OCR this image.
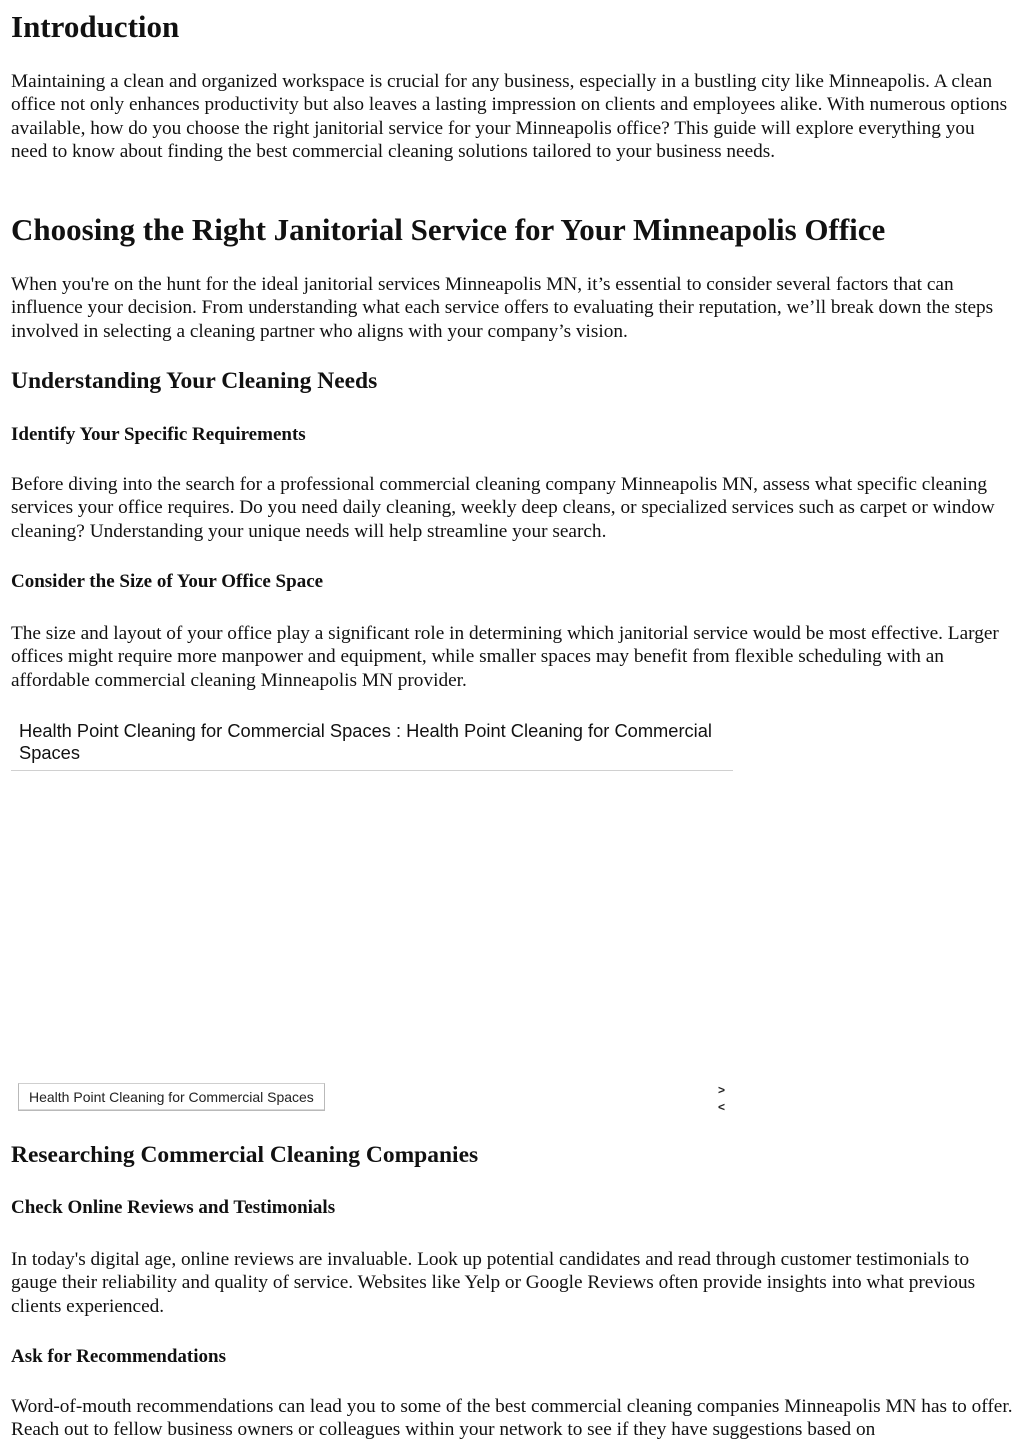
Introduction

Maintaining a clean and organized workspace is crucial for any business, especially in a bustling city like Minneapolis. A clean office not only enhances productivity but also leaves a lasting impression on clients and employees alike. With numerous options available, how do you choose the right janitorial service for your Minneapolis office? This guide will explore everything you need to know about finding the best commercial cleaning solutions tailored to your business needs.

Choosing the Right Janitorial Service for Your Minneapolis Office

When you're on the hunt for the ideal janitorial services Minneapolis MN, it’s essential to consider several factors that can influence your decision. From understanding what each service offers to evaluating their reputation, we’ll break down the steps involved in selecting a cleaning partner who aligns with your company’s vision.

Understanding Your Cleaning Needs
Identify Your Specific Requirements

Before diving into the search for a professional commercial cleaning company Minneapolis MN, assess what specific cleaning services your office requires. Do you need daily cleaning, weekly deep cleans, or specialized services such as carpet or window cleaning? Understanding your unique needs will help streamline your search.

Consider the Size of Your Office Space

The size and layout of your office play a significant role in determining which janitorial service would be most effective. Larger offices might require more manpower and equipment, while smaller spaces may benefit from flexible scheduling with an affordable commercial cleaning Minneapolis MN provider.

Health Point Cleaning for Commercial Spaces : Health Point Cleaning for Commercial Spaces
Health Point Cleaning for Commercial Spaces	>
<
Researching Commercial Cleaning Companies
Check Online Reviews and Testimonials

In today's digital age, online reviews are invaluable. Look up potential candidates and read through customer testimonials to gauge their reliability and quality of service. Websites like Yelp or Google Reviews often provide insights into what previous clients experienced.

Ask for Recommendations

Word-of-mouth recommendations can lead you to some of the best commercial cleaning companies Minneapolis MN has to offer. Reach out to fellow business owners or colleagues within your network to see if they have suggestions based on
